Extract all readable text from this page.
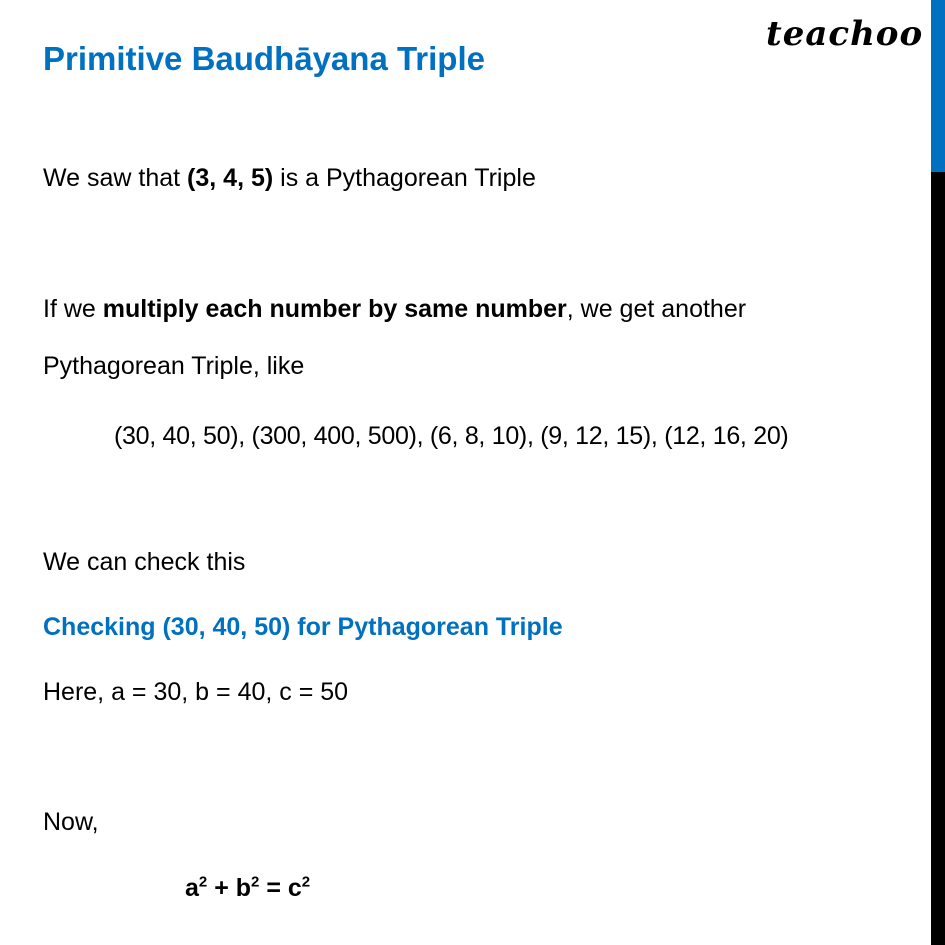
teachoo
Primitive Baudhāyana Triple
We saw that (3, 4, 5) is a Pythagorean Triple
If we multiply each number by same number, we get another
Pythagorean Triple, like
(30, 40, 50), (300, 400, 500), (6, 8, 10), (9, 12, 15), (12, 16, 20)
We can check this
Checking (30, 40, 50) for Pythagorean Triple
Here, a = 30, b = 40, c = 50
Now,
$a^2 + b^2 = c^2$
